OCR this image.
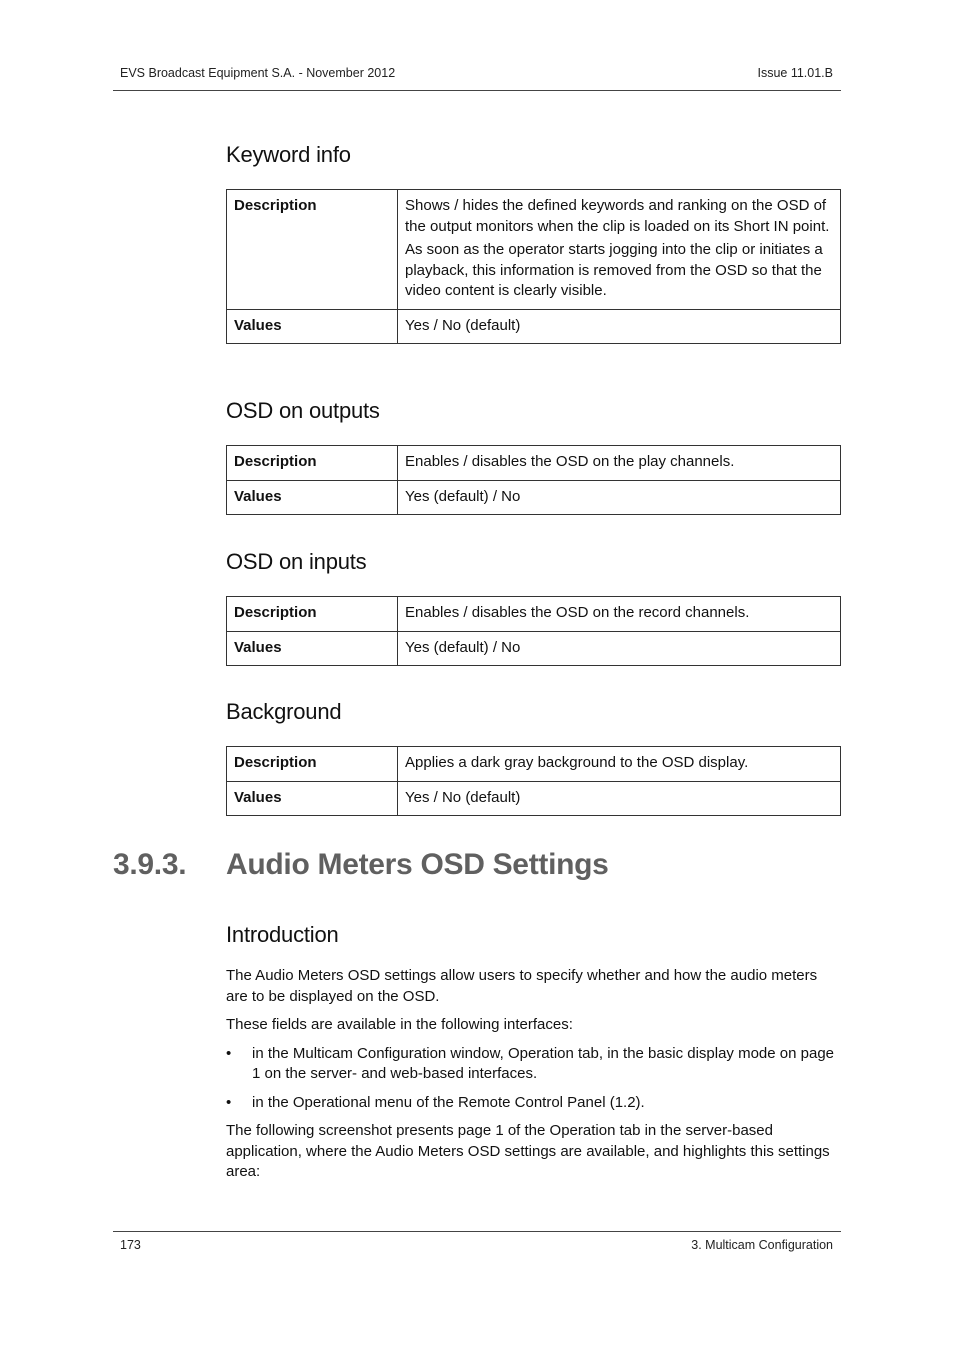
EVS Broadcast Equipment S.A. - November 2012	Issue 11.01.B
Keyword info
Description	Shows / hides the defined keywords and ranking on the OSD of the output monitors when the clip is loaded on its Short IN point.

As soon as the operator starts jogging into the clip or initiates a playback, this information is removed from the OSD so that the video content is clearly visible.

Values	Yes / No (default)
OSD on outputs
Description	Enables / disables the OSD on the play channels.
Values	Yes (default) / No
OSD on inputs
Description	Enables / disables the OSD on the record channels.
Values	Yes (default) / No
Background
Description	Applies a dark gray background to the OSD display.
Values	Yes / No (default)
3.9.3. Audio Meters OSD Settings
Introduction

The Audio Meters OSD settings allow users to specify whether and how the audio meters are to be displayed on the OSD.

These fields are available in the following interfaces:

• in the Multicam Configuration window, Operation tab, in the basic display mode on page 1 on the server- and web-based interfaces.
• in the Operational menu of the Remote Control Panel (1.2).

The following screenshot presents page 1 of the Operation tab in the server-based application, where the Audio Meters OSD settings are available, and highlights this settings area:

173	3. Multicam Configuration
